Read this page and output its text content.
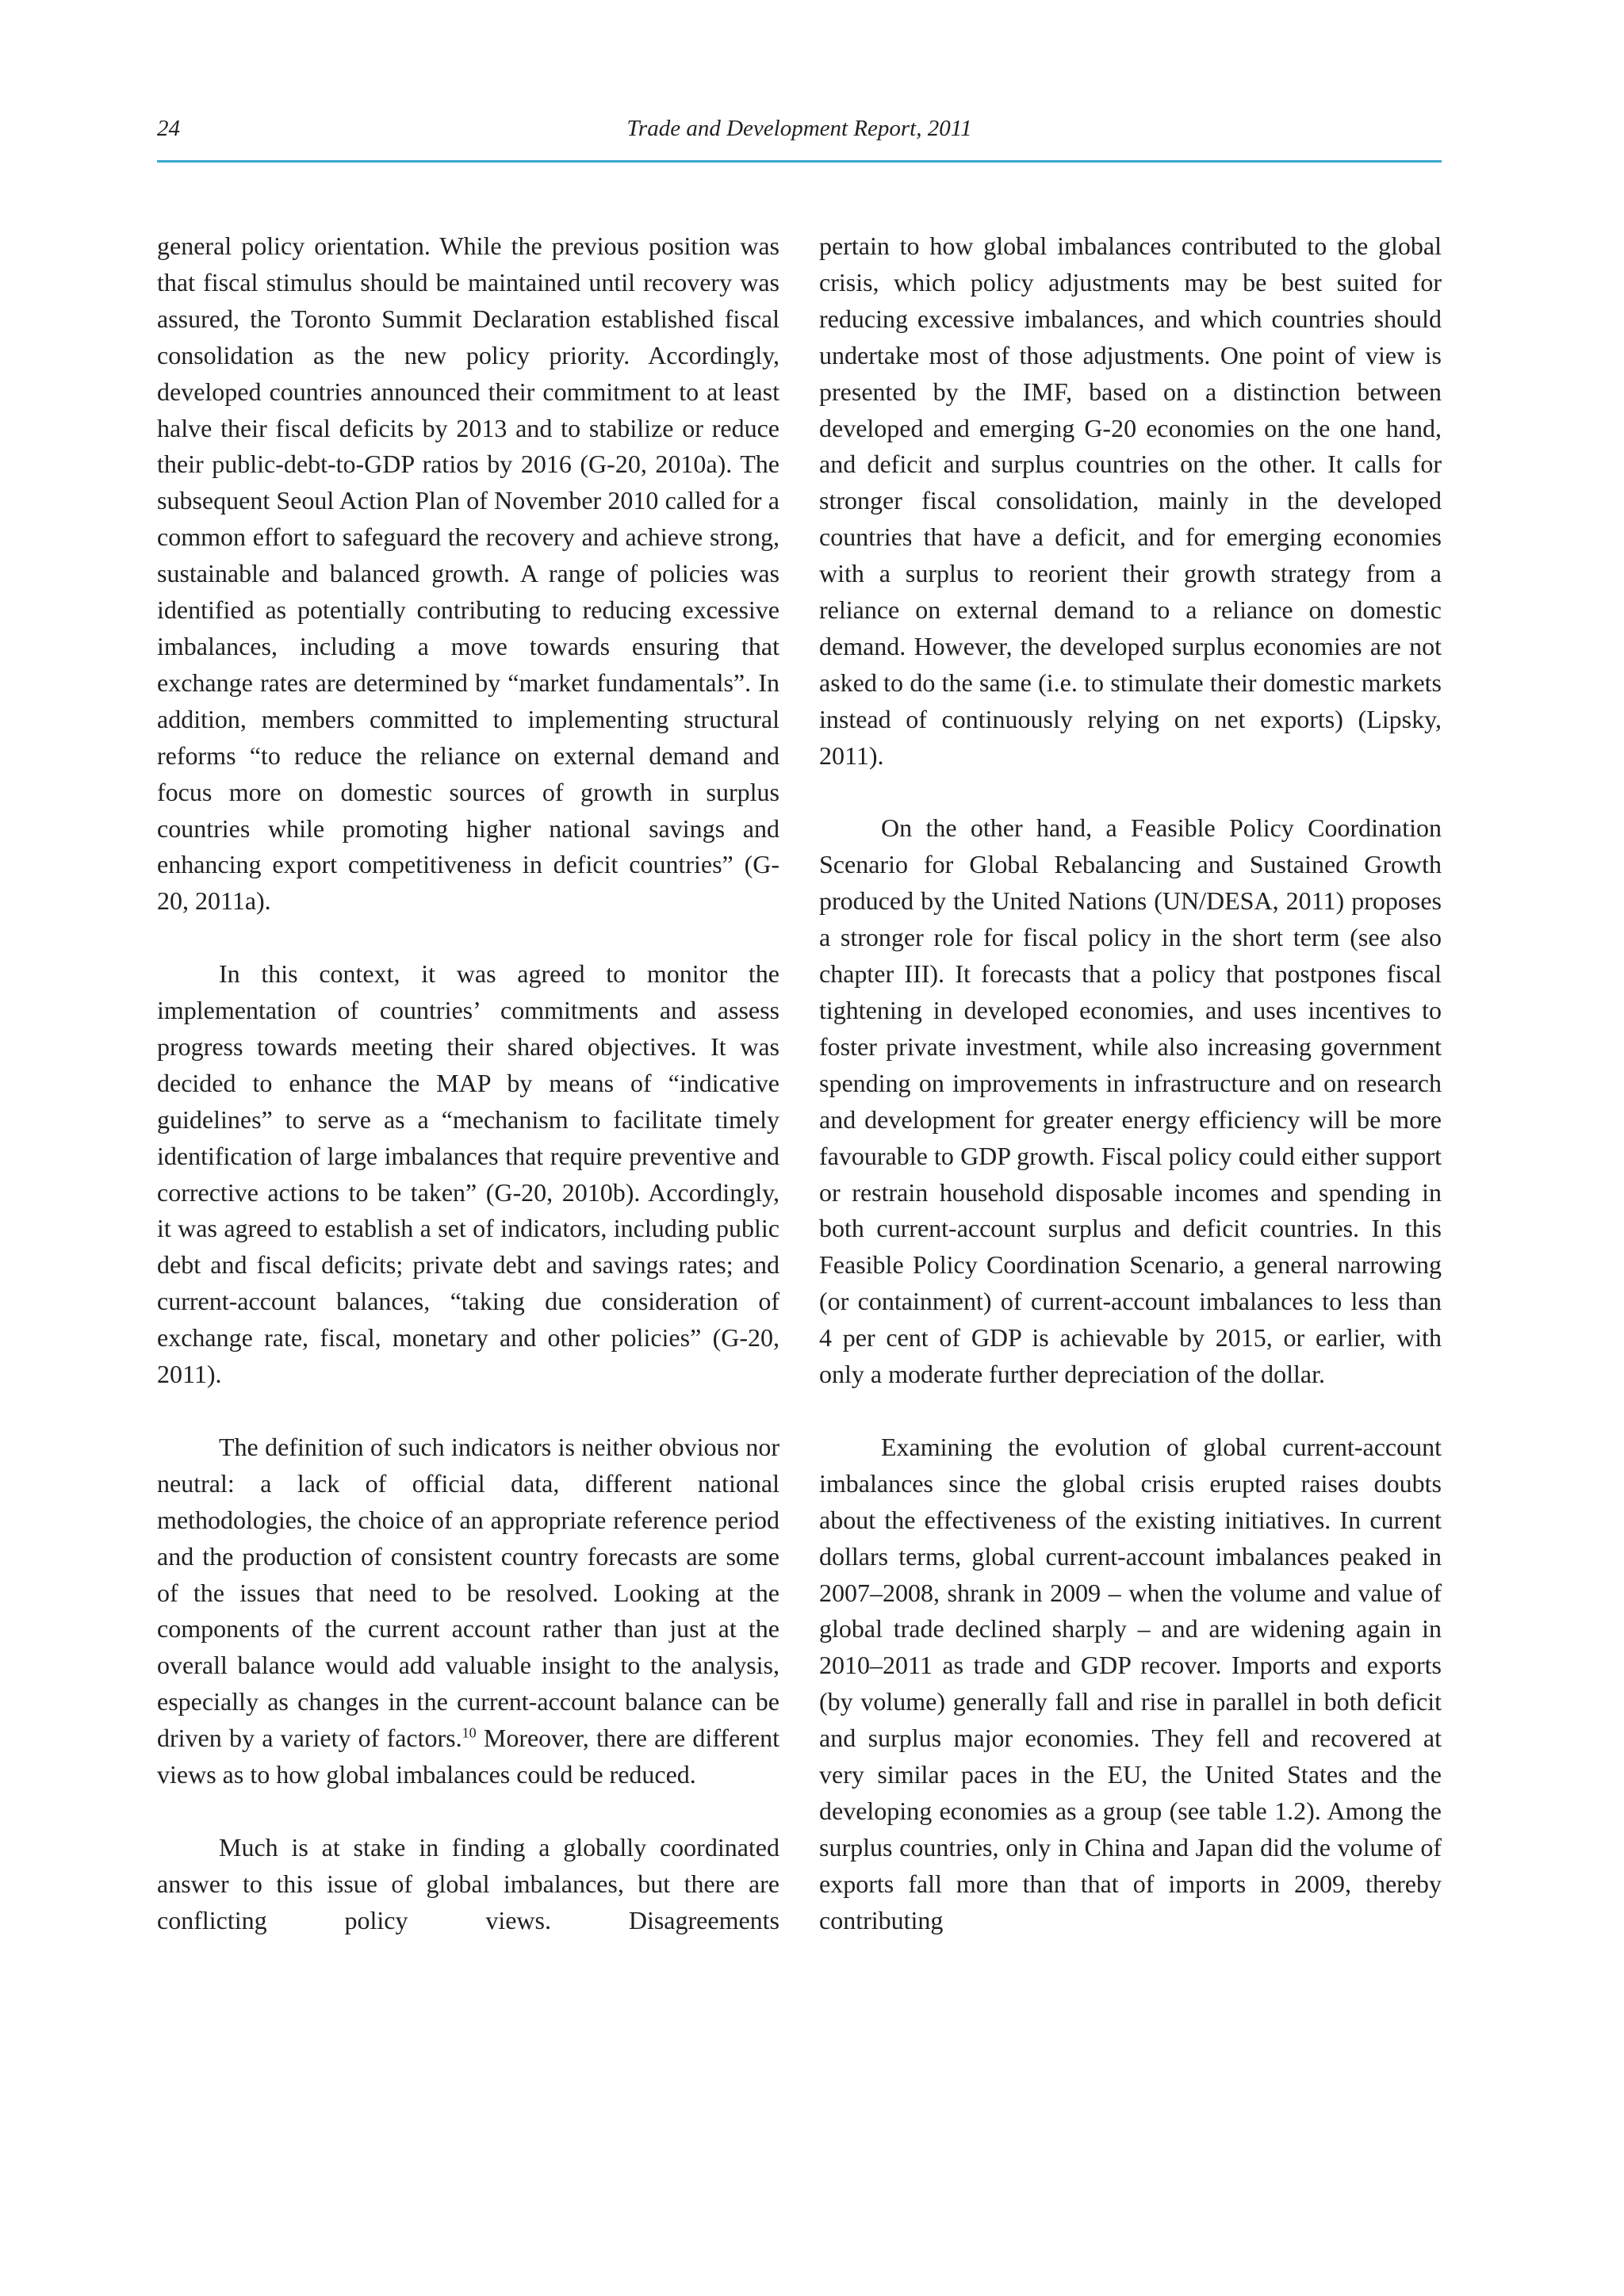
24	Trade and Development Report, 2011

general policy orientation. While the previous position was that fiscal stimulus should be maintained until recovery was assured, the Toronto Summit Declaration established fiscal consolidation as the new policy priority. Accordingly, developed countries announced their commitment to at least halve their fiscal deficits by 2013 and to stabilize or reduce their public-debt-to-GDP ratios by 2016 (G-20, 2010a). The subsequent Seoul Action Plan of November 2010 called for a common effort to safeguard the recovery and achieve strong, sustainable and balanced growth. A range of policies was identified as potentially contributing to reducing excessive imbalances, including a move towards ensuring that exchange rates are determined by “market fundamentals”. In addition, members committed to implementing structural reforms “to reduce the reliance on external demand and focus more on domestic sources of growth in surplus countries while promoting higher national savings and enhancing export competitiveness in deficit countries” (G-20, 2011a).

In this context, it was agreed to monitor the implementation of countries’ commitments and assess progress towards meeting their shared objectives. It was decided to enhance the MAP by means of “indicative guidelines” to serve as a “mechanism to facilitate timely identification of large imbalances that require preventive and corrective actions to be taken” (G-20, 2010b). Accordingly, it was agreed to establish a set of indicators, including public debt and fiscal deficits; private debt and savings rates; and current-account balances, “taking due consideration of exchange rate, fiscal, monetary and other policies” (G-20, 2011).

The definition of such indicators is neither obvious nor neutral: a lack of official data, different national methodologies, the choice of an appropriate reference period and the production of consistent country forecasts are some of the issues that need to be resolved. Looking at the components of the current account rather than just at the overall balance would add valuable insight to the analysis, especially as changes in the current-account balance can be driven by a variety of factors.$^{10}$ Moreover, there are different views as to how global imbalances could be reduced.

Much is at stake in finding a globally coordinated answer to this issue of global imbalances, but there are conflicting policy views. Disagreements

pertain to how global imbalances contributed to the global crisis, which policy adjustments may be best suited for reducing excessive imbalances, and which countries should undertake most of those adjustments. One point of view is presented by the IMF, based on a distinction between developed and emerging G-20 economies on the one hand, and deficit and surplus countries on the other. It calls for stronger fiscal consolidation, mainly in the developed countries that have a deficit, and for emerging economies with a surplus to reorient their growth strategy from a reliance on external demand to a reliance on domestic demand. However, the developed surplus economies are not asked to do the same (i.e. to stimulate their domestic markets instead of continuously relying on net exports) (Lipsky, 2011).

On the other hand, a Feasible Policy Coordination Scenario for Global Rebalancing and Sustained Growth produced by the United Nations (UN/DESA, 2011) proposes a stronger role for fiscal policy in the short term (see also chapter III). It forecasts that a policy that postpones fiscal tightening in developed economies, and uses incentives to foster private investment, while also increasing government spending on improvements in infrastructure and on research and development for greater energy efficiency will be more favourable to GDP growth. Fiscal policy could either support or restrain household disposable incomes and spending in both current-account surplus and deficit countries. In this Feasible Policy Coordination Scenario, a general narrowing (or containment) of current-account imbalances to less than 4 per cent of GDP is achievable by 2015, or earlier, with only a moderate further depreciation of the dollar.

Examining the evolution of global current-account imbalances since the global crisis erupted raises doubts about the effectiveness of the existing initiatives. In current dollars terms, global current-account imbalances peaked in 2007–2008, shrank in 2009 – when the volume and value of global trade declined sharply – and are widening again in 2010–2011 as trade and GDP recover. Imports and exports (by volume) generally fall and rise in parallel in both deficit and surplus major economies. They fell and recovered at very similar paces in the EU, the United States and the developing economies as a group (see table 1.2). Among the surplus countries, only in China and Japan did the volume of exports fall more than that of imports in 2009, thereby contributing
